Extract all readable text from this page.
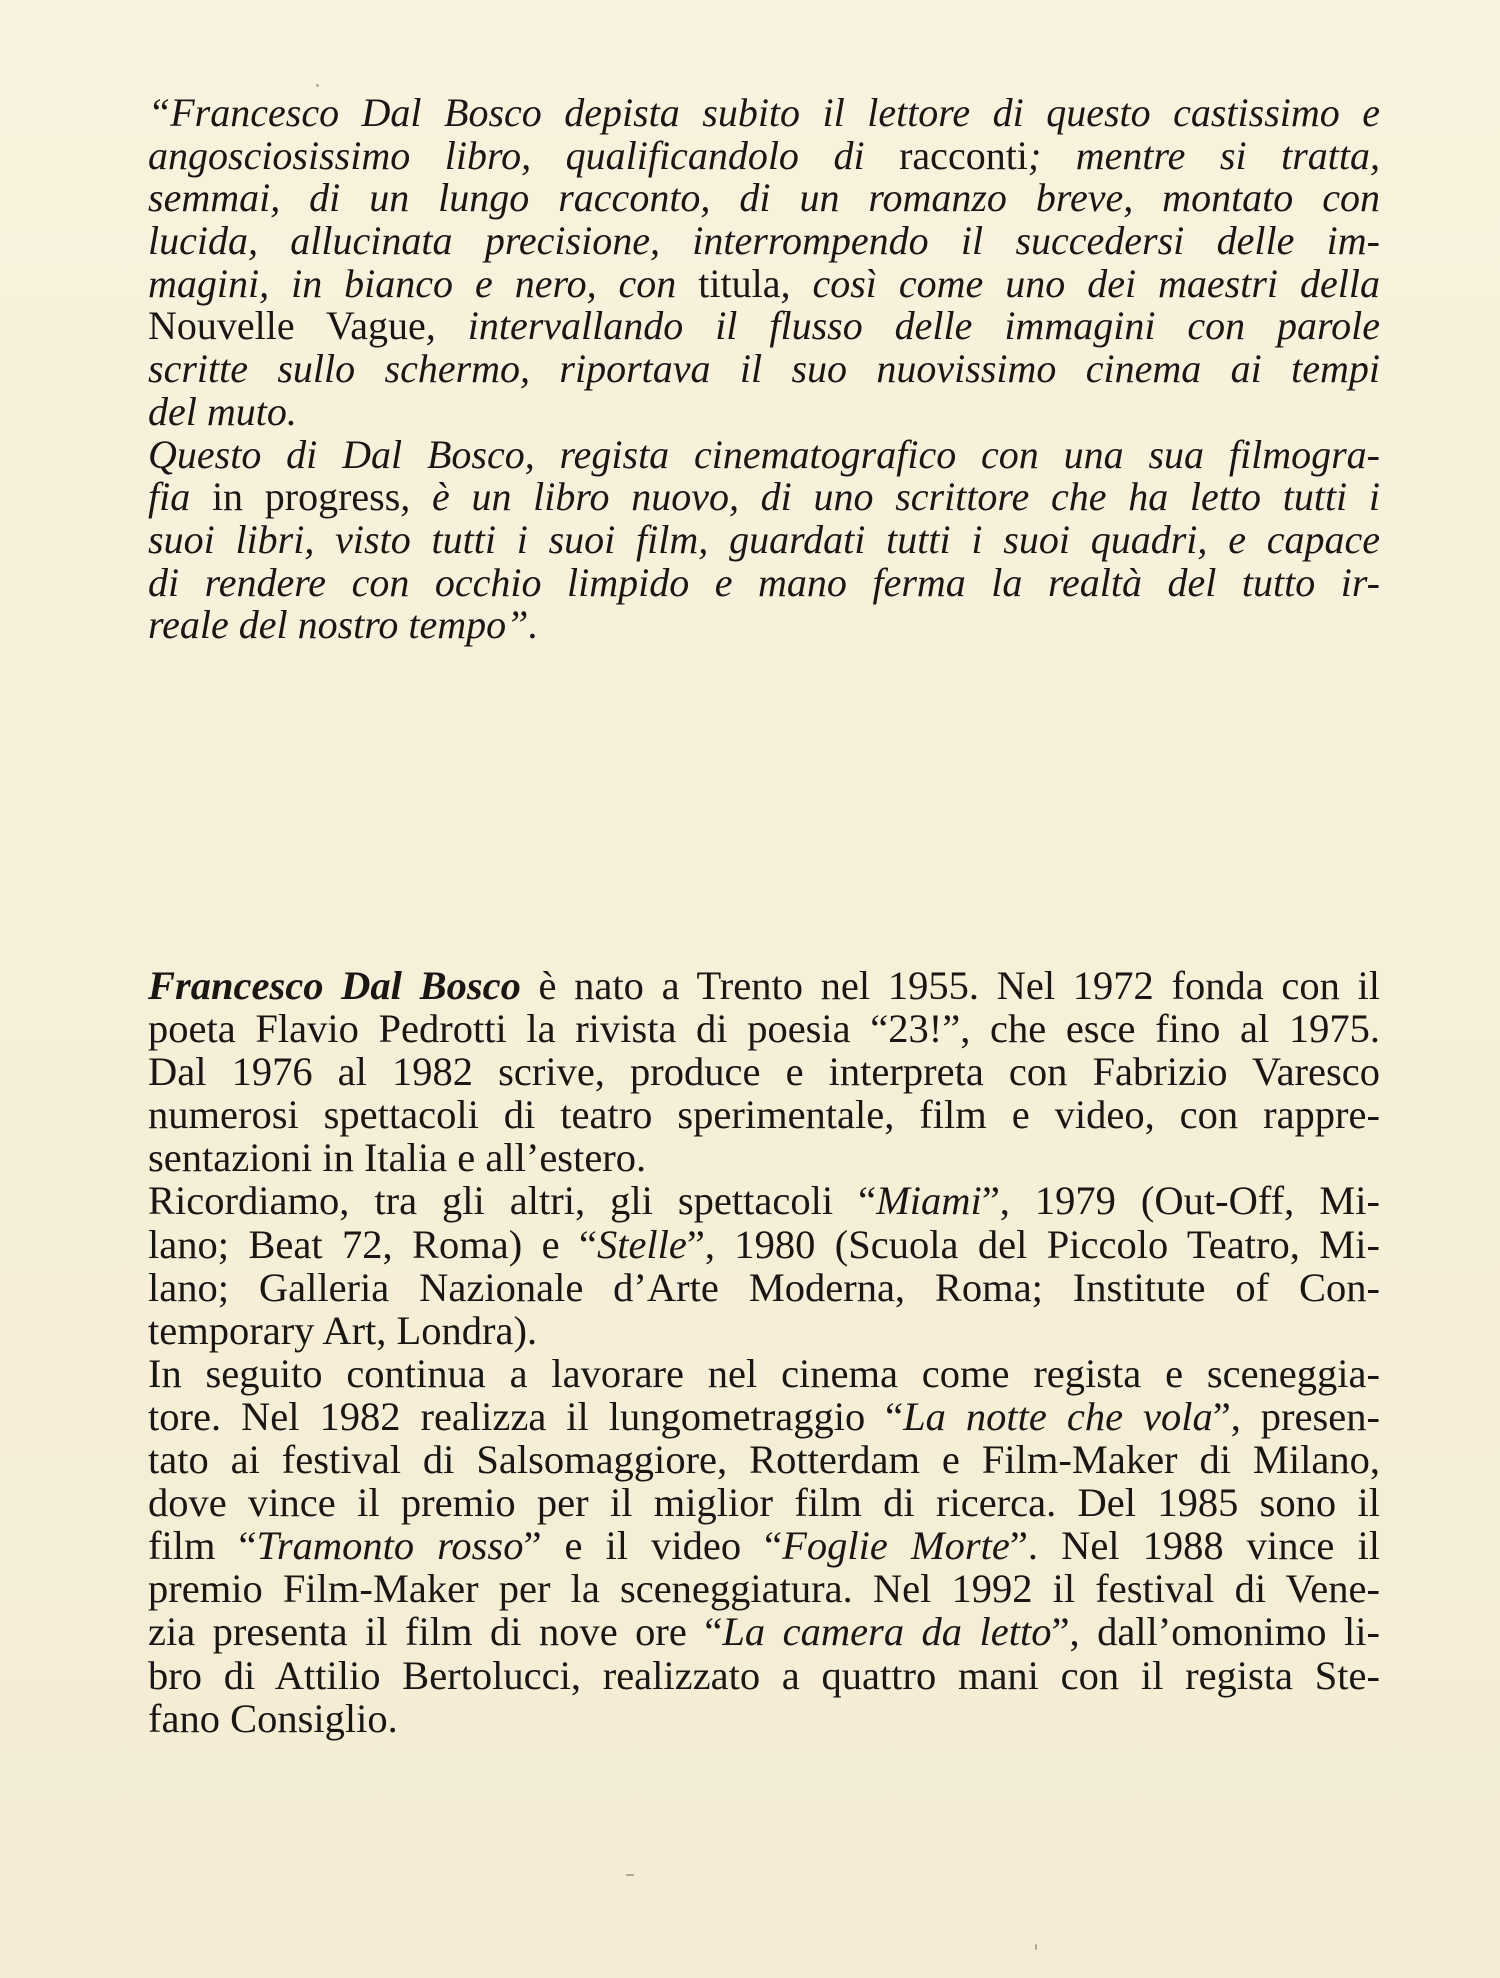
“Francesco Dal Bosco depista subito il lettore di questo castissimo e
angosciosissimo libro, qualificandolo di racconti; mentre si tratta,
semmai, di un lungo racconto, di un romanzo breve, montato con
lucida, allucinata precisione, interrompendo il succedersi delle im-
magini, in bianco e nero, con titula, così come uno dei maestri della
Nouvelle Vague, intervallando il flusso delle immagini con parole
scritte sullo schermo, riportava il suo nuovissimo cinema ai tempi
del muto.
Questo di Dal Bosco, regista cinematografico con una sua filmogra-
fia in progress, è un libro nuovo, di uno scrittore che ha letto tutti i
suoi libri, visto tutti i suoi film, guardati tutti i suoi quadri, e capace
di rendere con occhio limpido e mano ferma la realtà del tutto ir-
reale del nostro tempo”.
Francesco Dal Bosco è nato a Trento nel 1955. Nel 1972 fonda con il
poeta Flavio Pedrotti la rivista di poesia “23!”, che esce fino al 1975.
Dal 1976 al 1982 scrive, produce e interpreta con Fabrizio Varesco
numerosi spettacoli di teatro sperimentale, film e video, con rappre-
sentazioni in Italia e all’estero.
Ricordiamo, tra gli altri, gli spettacoli “Miami”, 1979 (Out-Off, Mi-
lano; Beat 72, Roma) e “Stelle”, 1980 (Scuola del Piccolo Teatro, Mi-
lano; Galleria Nazionale d’Arte Moderna, Roma; Institute of Con-
temporary Art, Londra).
In seguito continua a lavorare nel cinema come regista e sceneggia-
tore. Nel 1982 realizza il lungometraggio “La notte che vola”, presen-
tato ai festival di Salsomaggiore, Rotterdam e Film-Maker di Milano,
dove vince il premio per il miglior film di ricerca. Del 1985 sono il
film “Tramonto rosso” e il video “Foglie Morte”. Nel 1988 vince il
premio Film-Maker per la sceneggiatura. Nel 1992 il festival di Vene-
zia presenta il film di nove ore “La camera da letto”, dall’omonimo li-
bro di Attilio Bertolucci, realizzato a quattro mani con il regista Ste-
fano Consiglio.
